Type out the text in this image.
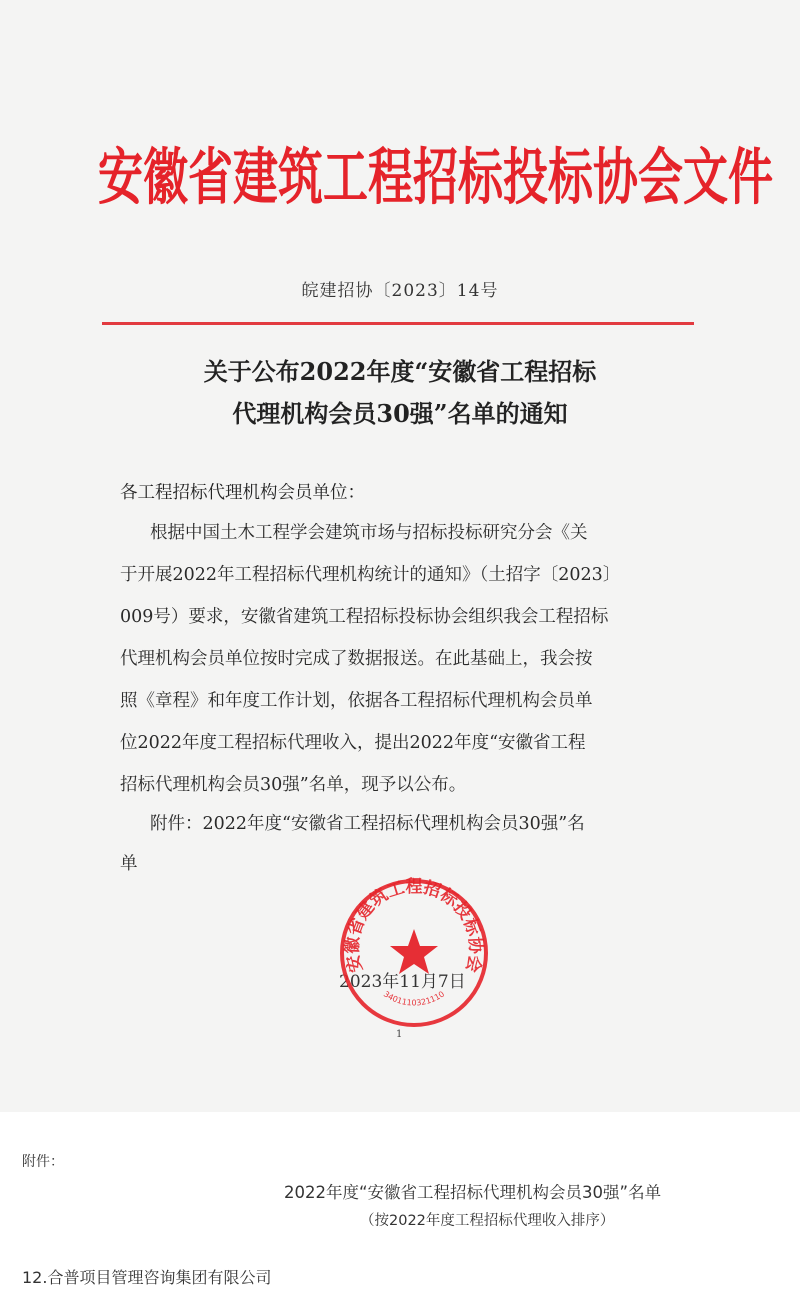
安徽省建筑工程招标投标协会文件
皖建招协〔2023〕14号
关于公布2022年度“安徽省工程招标
代理机构会员30强”名单的通知
各工程招标代理机构会员单位：
根据中国土木工程学会建筑市场与招标投标研究分会《关
于开展2022年工程招标代理机构统计的通知》（土招字〔2023〕
009号）要求，安徽省建筑工程招标投标协会组织我会工程招标
代理机构会员单位按时完成了数据报送。在此基础上，我会按
照《章程》和年度工作计划，依据各工程招标代理机构会员单
位2022年度工程招标代理收入，提出2022年度“安徽省工程
招标代理机构会员30强”名单，现予以公布。
附件：2022年度“安徽省工程招标代理机构会员30强”名
单
2023年11月7日
安徽省建筑工程招标投标协会
3401110321110
1
附件：
2022年度“安徽省工程招标代理机构会员30强”名单
（按2022年度工程招标代理收入排序）
12.合普项目管理咨询集团有限公司
